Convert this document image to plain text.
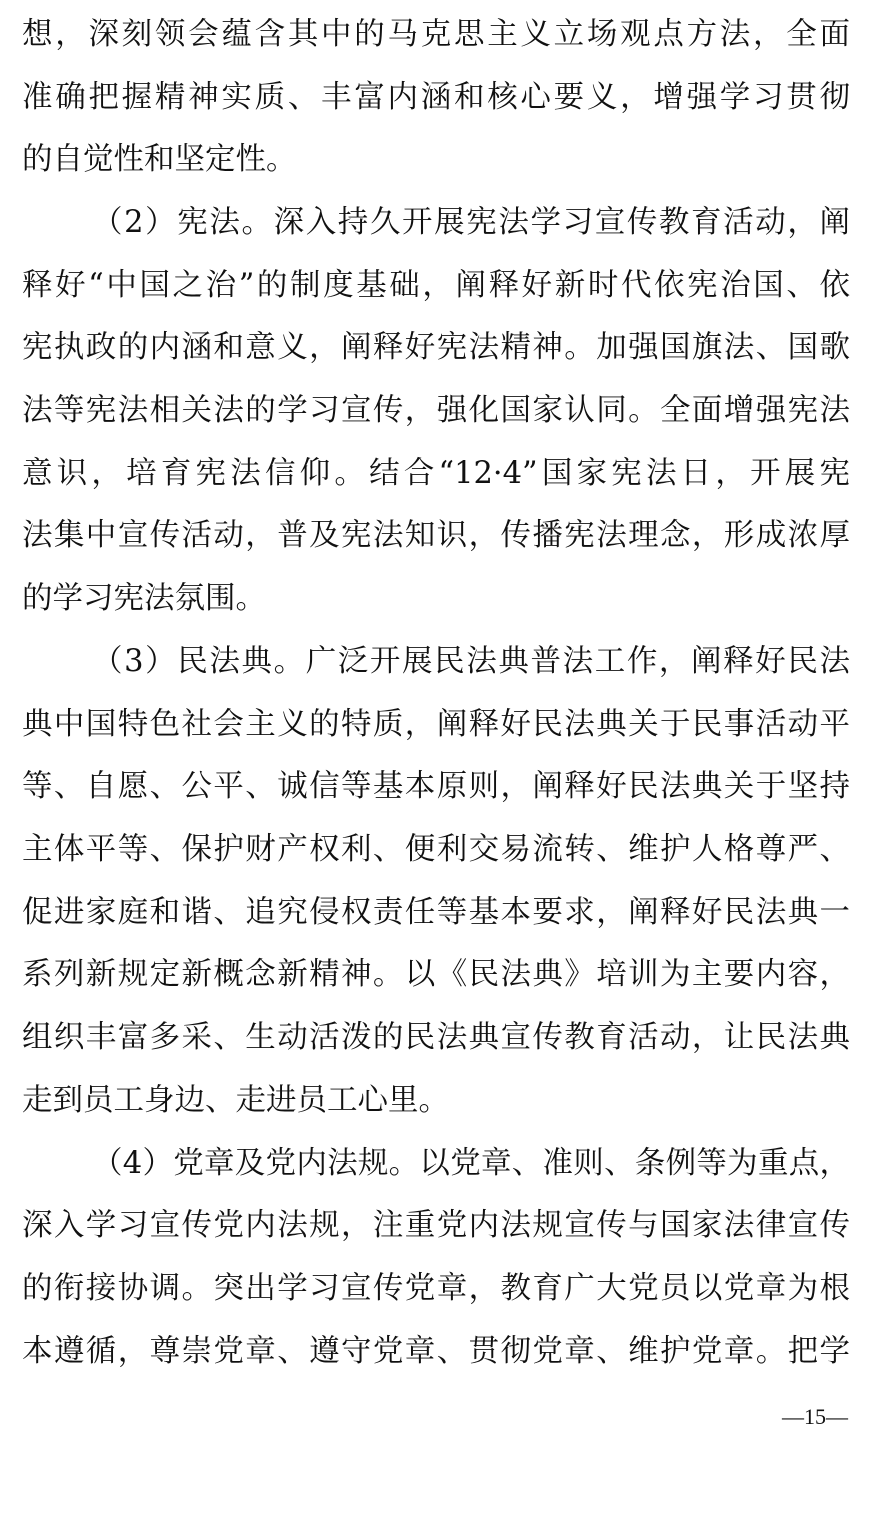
想，深刻领会蕴含其中的马克思主义立场观点方法，全面
准确把握精神实质、丰富内涵和核心要义，增强学习贯彻
的自觉性和坚定性。
（2）宪法。深入持久开展宪法学习宣传教育活动，阐
释好“中国之治”的制度基础，阐释好新时代依宪治国、依
宪执政的内涵和意义，阐释好宪法精神。加强国旗法、国歌
法等宪法相关法的学习宣传，强化国家认同。全面增强宪法
意识，培育宪法信仰。结合“12·4”国家宪法日，开展宪
法集中宣传活动，普及宪法知识，传播宪法理念，形成浓厚
的学习宪法氛围。
（3）民法典。广泛开展民法典普法工作，阐释好民法
典中国特色社会主义的特质，阐释好民法典关于民事活动平
等、自愿、公平、诚信等基本原则，阐释好民法典关于坚持
主体平等、保护财产权利、便利交易流转、维护人格尊严、
促进家庭和谐、追究侵权责任等基本要求，阐释好民法典一
系列新规定新概念新精神。以《民法典》培训为主要内容，
组织丰富多采、生动活泼的民法典宣传教育活动，让民法典
走到员工身边、走进员工心里。
（4）党章及党内法规。以党章、准则、条例等为重点，
深入学习宣传党内法规，注重党内法规宣传与国家法律宣传
的衔接协调。突出学习宣传党章，教育广大党员以党章为根
本遵循，尊崇党章、遵守党章、贯彻党章、维护党章。把学
—15—
